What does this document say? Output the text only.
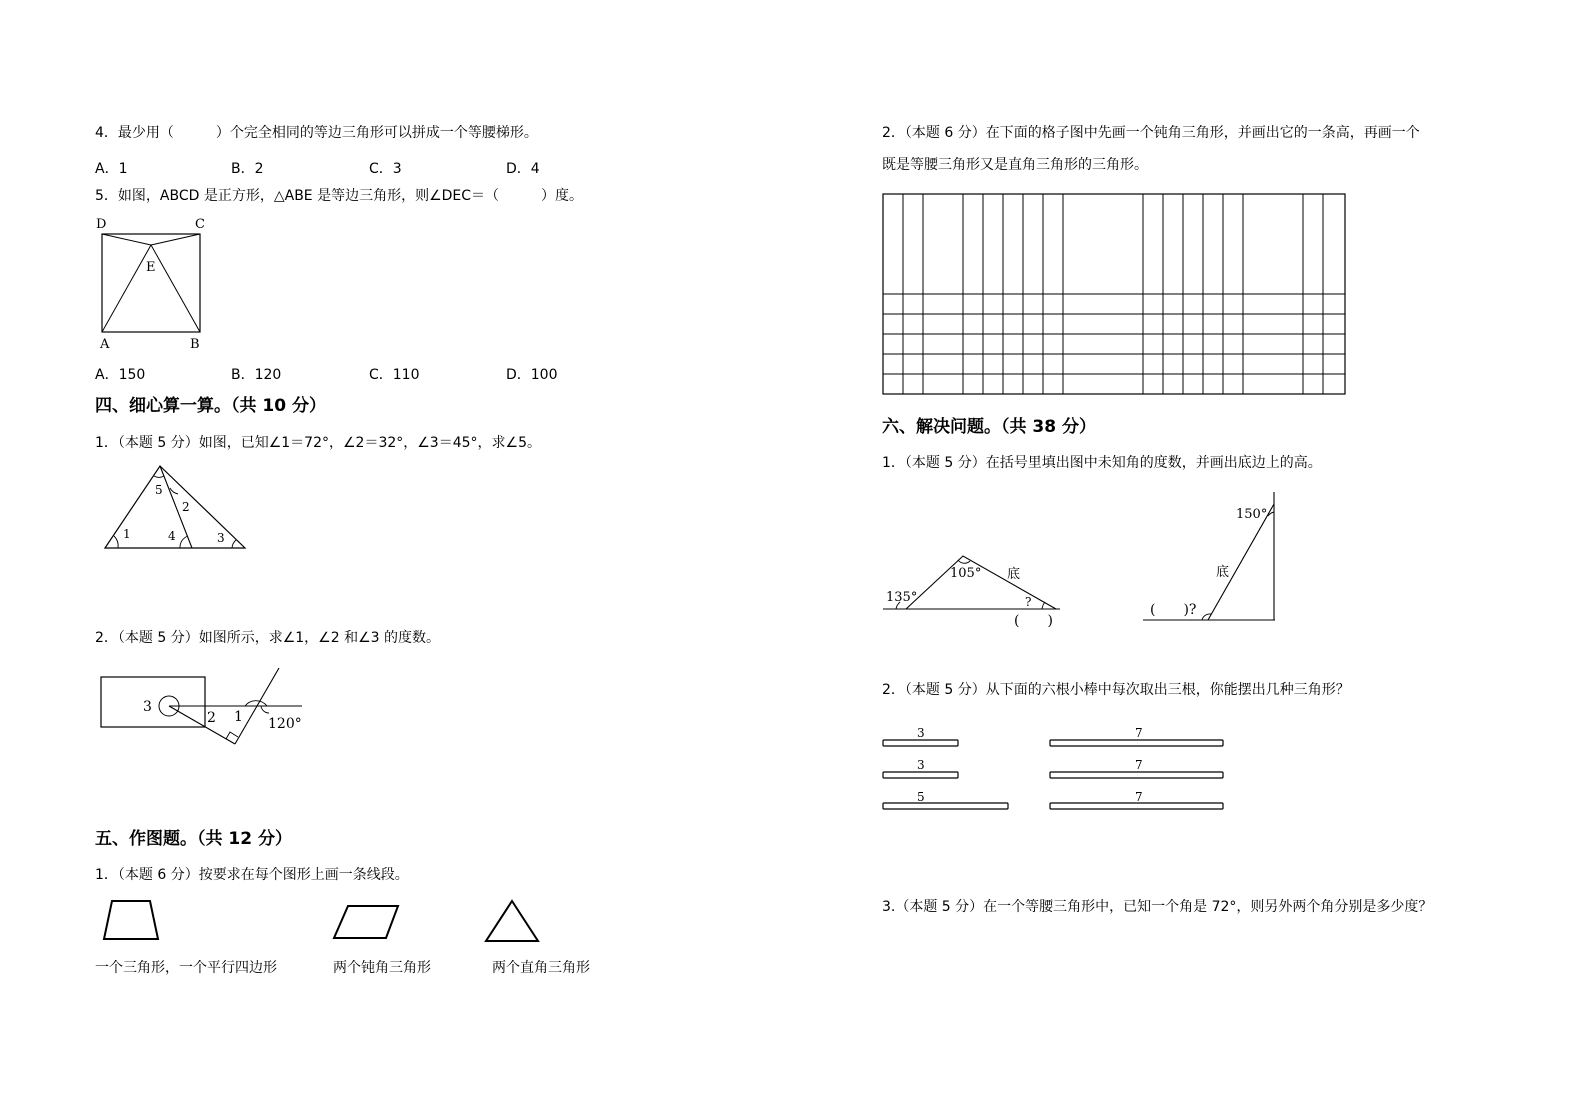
4．最少用（　　　）个完全相同的等边三角形可以拼成一个等腰梯形。
A．1	B．2	C．3	D．4
5．如图，ABCD 是正方形，△ABE 是等边三角形，则∠DEC＝（　　　）度。
D	C
E
A	B
A．150	B．120	C．110	D．100
四、细心算一算。（共 10 分）
1．（本题 5 分）如图，已知∠1＝72°，∠2＝32°，∠3＝45°，求∠5。
5
2
1	4	3
2．（本题 5 分）如图所示，求∠1，∠2 和∠3 的度数。
3
2 1 120°
五、作图题。（共 12 分）
1．（本题 6 分）按要求在每个图形上画一条线段。
一个三角形，一个平行四边形	两个钝角三角形	两个直角三角形
2．（本题 6 分）在下面的格子图中先画一个钝角三角形，并画出它的一条高，再画一个
既是等腰三角形又是直角三角形的三角形。
六、解决问题。（共 38 分）
1．（本题 5 分）在括号里填出图中未知角的度数，并画出底边上的高。
135°
105° 底
?
(　　)
150°
底
(　　)?
2．（本题 5 分）从下面的六根小棒中每次取出三根，你能摆出几种三角形？
3
3
5
7
7
7
3.（本题 5 分）在一个等腰三角形中，已知一个角是 72°，则另外两个角分别是多少度？
